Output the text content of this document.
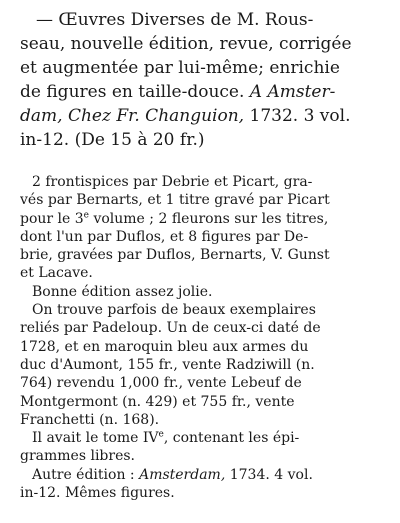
— Œuvres Diverses de M. Rous-
seau, nouvelle édition, revue, corrigée
et augmentée par lui-même; enrichie
de figures en taille-douce. A Amster-
dam, Chez Fr. Changuion, 1732. 3 vol.
in-12. (De 15 à 20 fr.)
2 frontispices par Debrie et Picart, gra-
vés par Bernarts, et 1 titre gravé par Picart
pour le 3e volume ; 2 fleurons sur les titres,
dont l'un par Duflos, et 8 figures par De-
brie, gravées par Duflos, Bernarts, V. Gunst
et Lacave.
Bonne édition assez jolie.
On trouve parfois de beaux exemplaires
reliés par Padeloup. Un de ceux-ci daté de
1728, et en maroquin bleu aux armes du
duc d'Aumont, 155 fr., vente Radziwill (n.
764) revendu 1,000 fr., vente Lebeuf de
Montgermont (n. 429) et 755 fr., vente
Franchetti (n. 168).
Il avait le tome IVe, contenant les épi-
grammes libres.
Autre édition : Amsterdam, 1734. 4 vol.
in-12. Mêmes figures.
